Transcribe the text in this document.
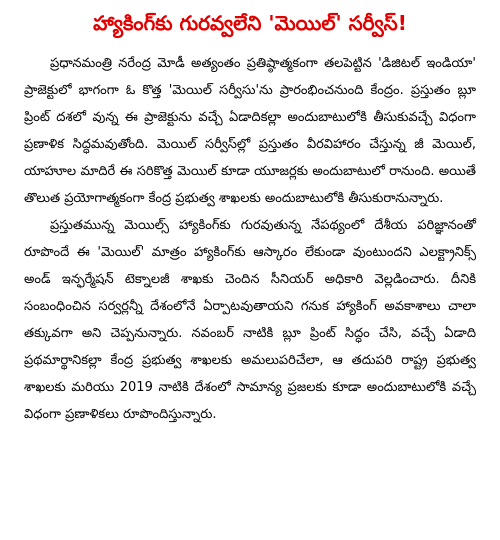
హ్యాకింగ్‌కు గురవ్వలేని 'మెయిల్' సర్వీస్!

ప్రధానమంత్రి నరేంద్ర మోడీ అత్యంతం ప్రతిష్ఠాత్మకంగా తలపెట్టిన 'డిజిటల్ ఇండియా' ప్రాజెక్టులో భాగంగా ఓ కొత్త 'మెయిల్ సర్వీసు'ను ప్రారంభించనుంది కేంద్రం. ప్రస్తుతం బ్లూ ప్రింట్ దశలో వున్న ఈ ప్రాజెక్టును వచ్చే ఏడాదికల్లా అందుబాటులోకి తీసుకువచ్చే విధంగా ప్రణాళిక సిద్ధమవుతోంది. మెయిల్ సర్వీస్‌ల్లో ప్రస్తుతం వీరవిహారం చేస్తున్న జీ మెయిల్, యాహూల మాదిరే ఈ సరికొత్త మెయిల్ కూడా యూజర్లకు అందుబాటులో రానుంది. అయితే తొలుత ప్రయోగాత్మకంగా కేంద్ర ప్రభుత్వ శాఖలకు అందుబాటులోకి తీసుకురానున్నారు.

ప్రస్తుతమున్న మెయిల్స్ హ్యాకింగ్‌కు గురవుతున్న నేపథ్యంలో దేశీయ పరిజ్ఞానంతో రూపొందే ఈ 'మెయిల్' మాత్రం హ్యాకింగ్‌కు ఆస్కారం లేకుండా వుంటుందని ఎలక్ట్రానిక్స్ అండ్ ఇన్ఫర్మేషన్ టెక్నాలజీ శాఖకు చెందిన సీనియర్ అధికారి వెల్లడించారు. దీనికి సంబంధించిన సర్వర్లన్నీ దేశంలోనే ఏర్పాటవుతాయని గనుక హ్యాకింగ్ అవకాశాలు చాలా తక్కువగా అని చెప్పనున్నారు. నవంబర్ నాటికి బ్లూ ప్రింట్ సిద్ధం చేసి, వచ్చే ఏడాది ప్రథమార్థానికల్లా కేంద్ర ప్రభుత్వ శాఖలకు అమలుపరిచేలా, ఆ తదుపరి రాష్ట్ర ప్రభుత్వ శాఖలకు మరియు 2019 నాటికి దేశంలో సామాన్య ప్రజలకు కూడా అందుబాటులోకి వచ్చే విధంగా ప్రణాళికలు రూపొందిస్తున్నారు.
